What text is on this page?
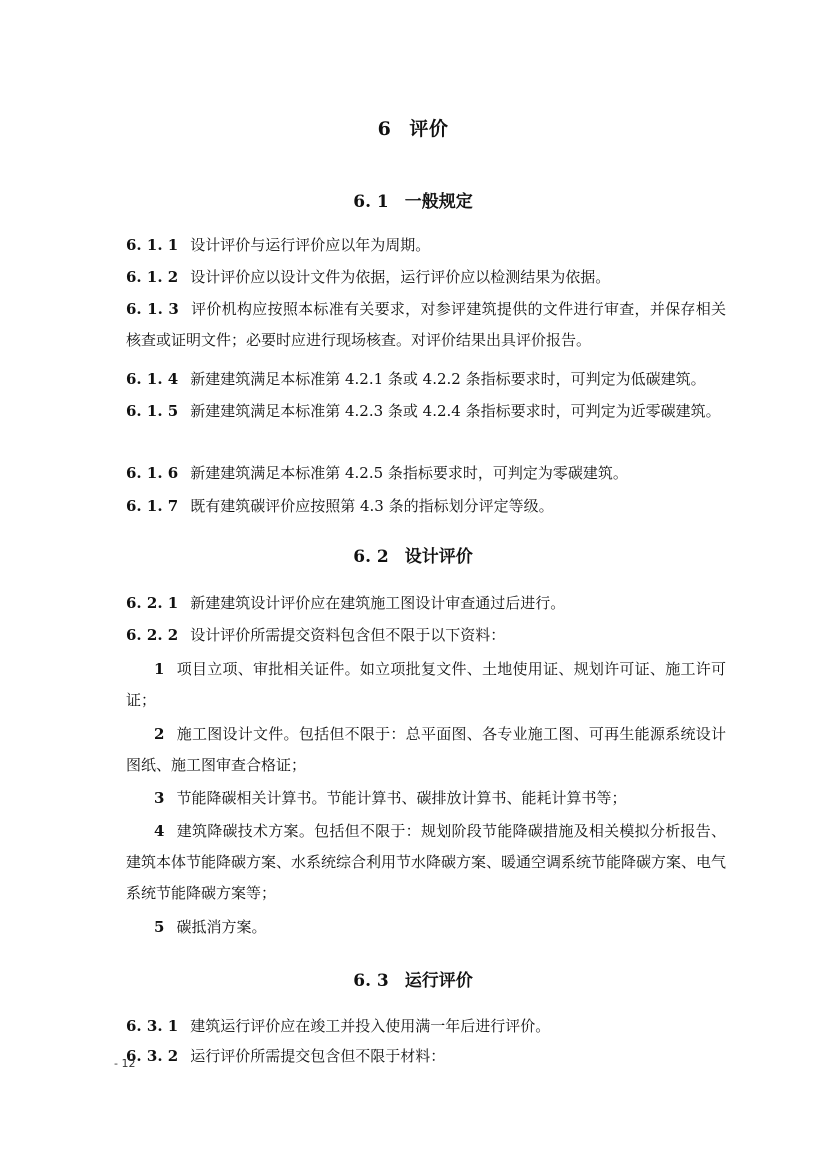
6 评价
6. 1 一般规定
6. 1. 1 设计评价与运行评价应以年为周期。
6. 1. 2 设计评价应以设计文件为依据，运行评价应以检测结果为依据。
6. 1. 3 评价机构应按照本标准有关要求，对参评建筑提供的文件进行审查，并保存相关核查或证明文件；必要时应进行现场核查。对评价结果出具评价报告。
6. 1. 4 新建建筑满足本标准第 4.2.1 条或 4.2.2 条指标要求时，可判定为低碳建筑。
6. 1. 5 新建建筑满足本标准第 4.2.3 条或 4.2.4 条指标要求时，可判定为近零碳建筑。
6. 1. 6 新建建筑满足本标准第 4.2.5 条指标要求时，可判定为零碳建筑。
6. 1. 7 既有建筑碳评价应按照第 4.3 条的指标划分评定等级。
6. 2 设计评价
6. 2. 1 新建建筑设计评价应在建筑施工图设计审查通过后进行。
6. 2. 2 设计评价所需提交资料包含但不限于以下资料：
1 项目立项、审批相关证件。如立项批复文件、土地使用证、规划许可证、施工许可证；
2 施工图设计文件。包括但不限于：总平面图、各专业施工图、可再生能源系统设计图纸、施工图审查合格证；
3 节能降碳相关计算书。节能计算书、碳排放计算书、能耗计算书等；
4 建筑降碳技术方案。包括但不限于：规划阶段节能降碳措施及相关模拟分析报告、建筑本体节能降碳方案、水系统综合利用节水降碳方案、暖通空调系统节能降碳方案、电气系统节能降碳方案等；
5 碳抵消方案。
6. 3 运行评价
6. 3. 1 建筑运行评价应在竣工并投入使用满一年后进行评价。
6. 3. 2 运行评价所需提交包含但不限于材料：
- 12
